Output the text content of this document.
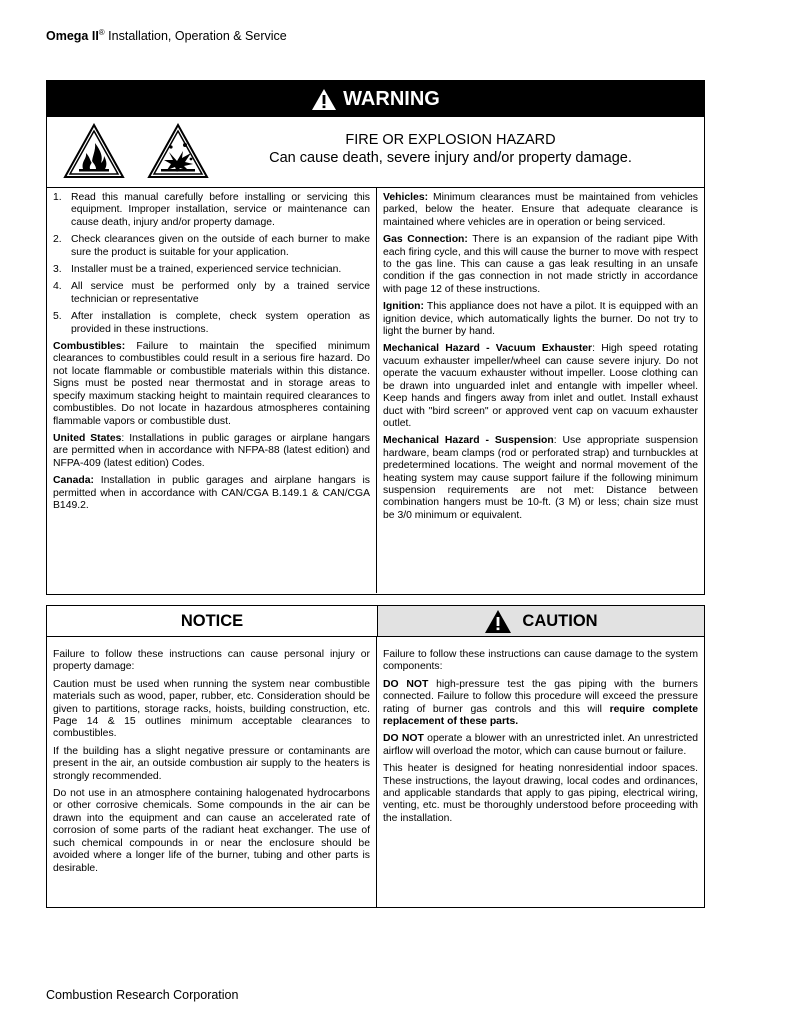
Omega II® Installation, Operation & Service
WARNING
FIRE OR EXPLOSION HAZARD
Can cause death, severe injury and/or property damage.
1. Read this manual carefully before installing or servicing this equipment. Improper installation, service or maintenance can cause death, injury and/or property damage.
2. Check clearances given on the outside of each burner to make sure the product is suitable for your application.
3. Installer must be a trained, experienced service technician.
4. All service must be performed only by a trained service technician or representative
5. After installation is complete, check system operation as provided in these instructions.

Combustibles: Failure to maintain the specified minimum clearances to combustibles could result in a serious fire hazard. Do not locate flammable or combustible materials within this distance. Signs must be posted near thermostat and in storage areas to specify maximum stacking height to maintain required clearances to combustibles. Do not locate in hazardous atmospheres containing flammable vapors or combustible dust.

United States: Installations in public garages or airplane hangars are permitted when in accordance with NFPA-88 (latest edition) and NFPA-409 (latest edition) Codes.

Canada: Installation in public garages and airplane hangars is permitted when in accordance with CAN/CGA B.149.1 & CAN/CGA B149.2.

Vehicles: Minimum clearances must be maintained from vehicles parked, below the heater. Ensure that adequate clearance is maintained where vehicles are in operation or being serviced.

Gas Connection: There is an expansion of the radiant pipe With each firing cycle, and this will cause the burner to move with respect to the gas line. This can cause a gas leak resulting in an unsafe condition if the gas connection in not made strictly in accordance with page 12 of these instructions.

Ignition: This appliance does not have a pilot. It is equipped with an ignition device, which automatically lights the burner. Do not try to light the burner by hand.

Mechanical Hazard - Vacuum Exhauster: High speed rotating vacuum exhauster impeller/wheel can cause severe injury. Do not operate the vacuum exhauster without impeller. Loose clothing can be drawn into unguarded inlet and entangle with impeller wheel. Keep hands and fingers away from inlet and outlet. Install exhaust duct with "bird screen" or approved vent cap on vacuum exhauster outlet.

Mechanical Hazard - Suspension: Use appropriate suspension hardware, beam clamps (rod or perforated strap) and turnbuckles at predetermined locations. The weight and normal movement of the heating system may cause support failure if the following minimum suspension requirements are not met: Distance between combination hangers must be 10-ft. (3 M) or less; chain size must be 3/0 minimum or equivalent.

NOTICE	CAUTION

Failure to follow these instructions can cause personal injury or property damage:

Caution must be used when running the system near combustible materials such as wood, paper, rubber, etc. Consideration should be given to partitions, storage racks, hoists, building construction, etc. Page 14 & 15 outlines minimum acceptable clearances to combustibles.

If the building has a slight negative pressure or contaminants are present in the air, an outside combustion air supply to the heaters is strongly recommended.

Do not use in an atmosphere containing halogenated hydrocarbons or other corrosive chemicals. Some compounds in the air can be drawn into the equipment and can cause an accelerated rate of corrosion of some parts of the radiant heat exchanger. The use of such chemical compounds in or near the enclosure should be avoided where a longer life of the burner, tubing and other parts is desirable.

Failure to follow these instructions can cause damage to the system components:

DO NOT high-pressure test the gas piping with the burners connected. Failure to follow this procedure will exceed the pressure rating of burner gas controls and this will require complete replacement of these parts.

DO NOT operate a blower with an unrestricted inlet. An unrestricted airflow will overload the motor, which can cause burnout or failure.

This heater is designed for heating nonresidential indoor spaces. These instructions, the layout drawing, local codes and ordinances, and applicable standards that apply to gas piping, electrical wiring, venting, etc. must be thoroughly understood before proceeding with the installation.

Combustion Research Corporation
